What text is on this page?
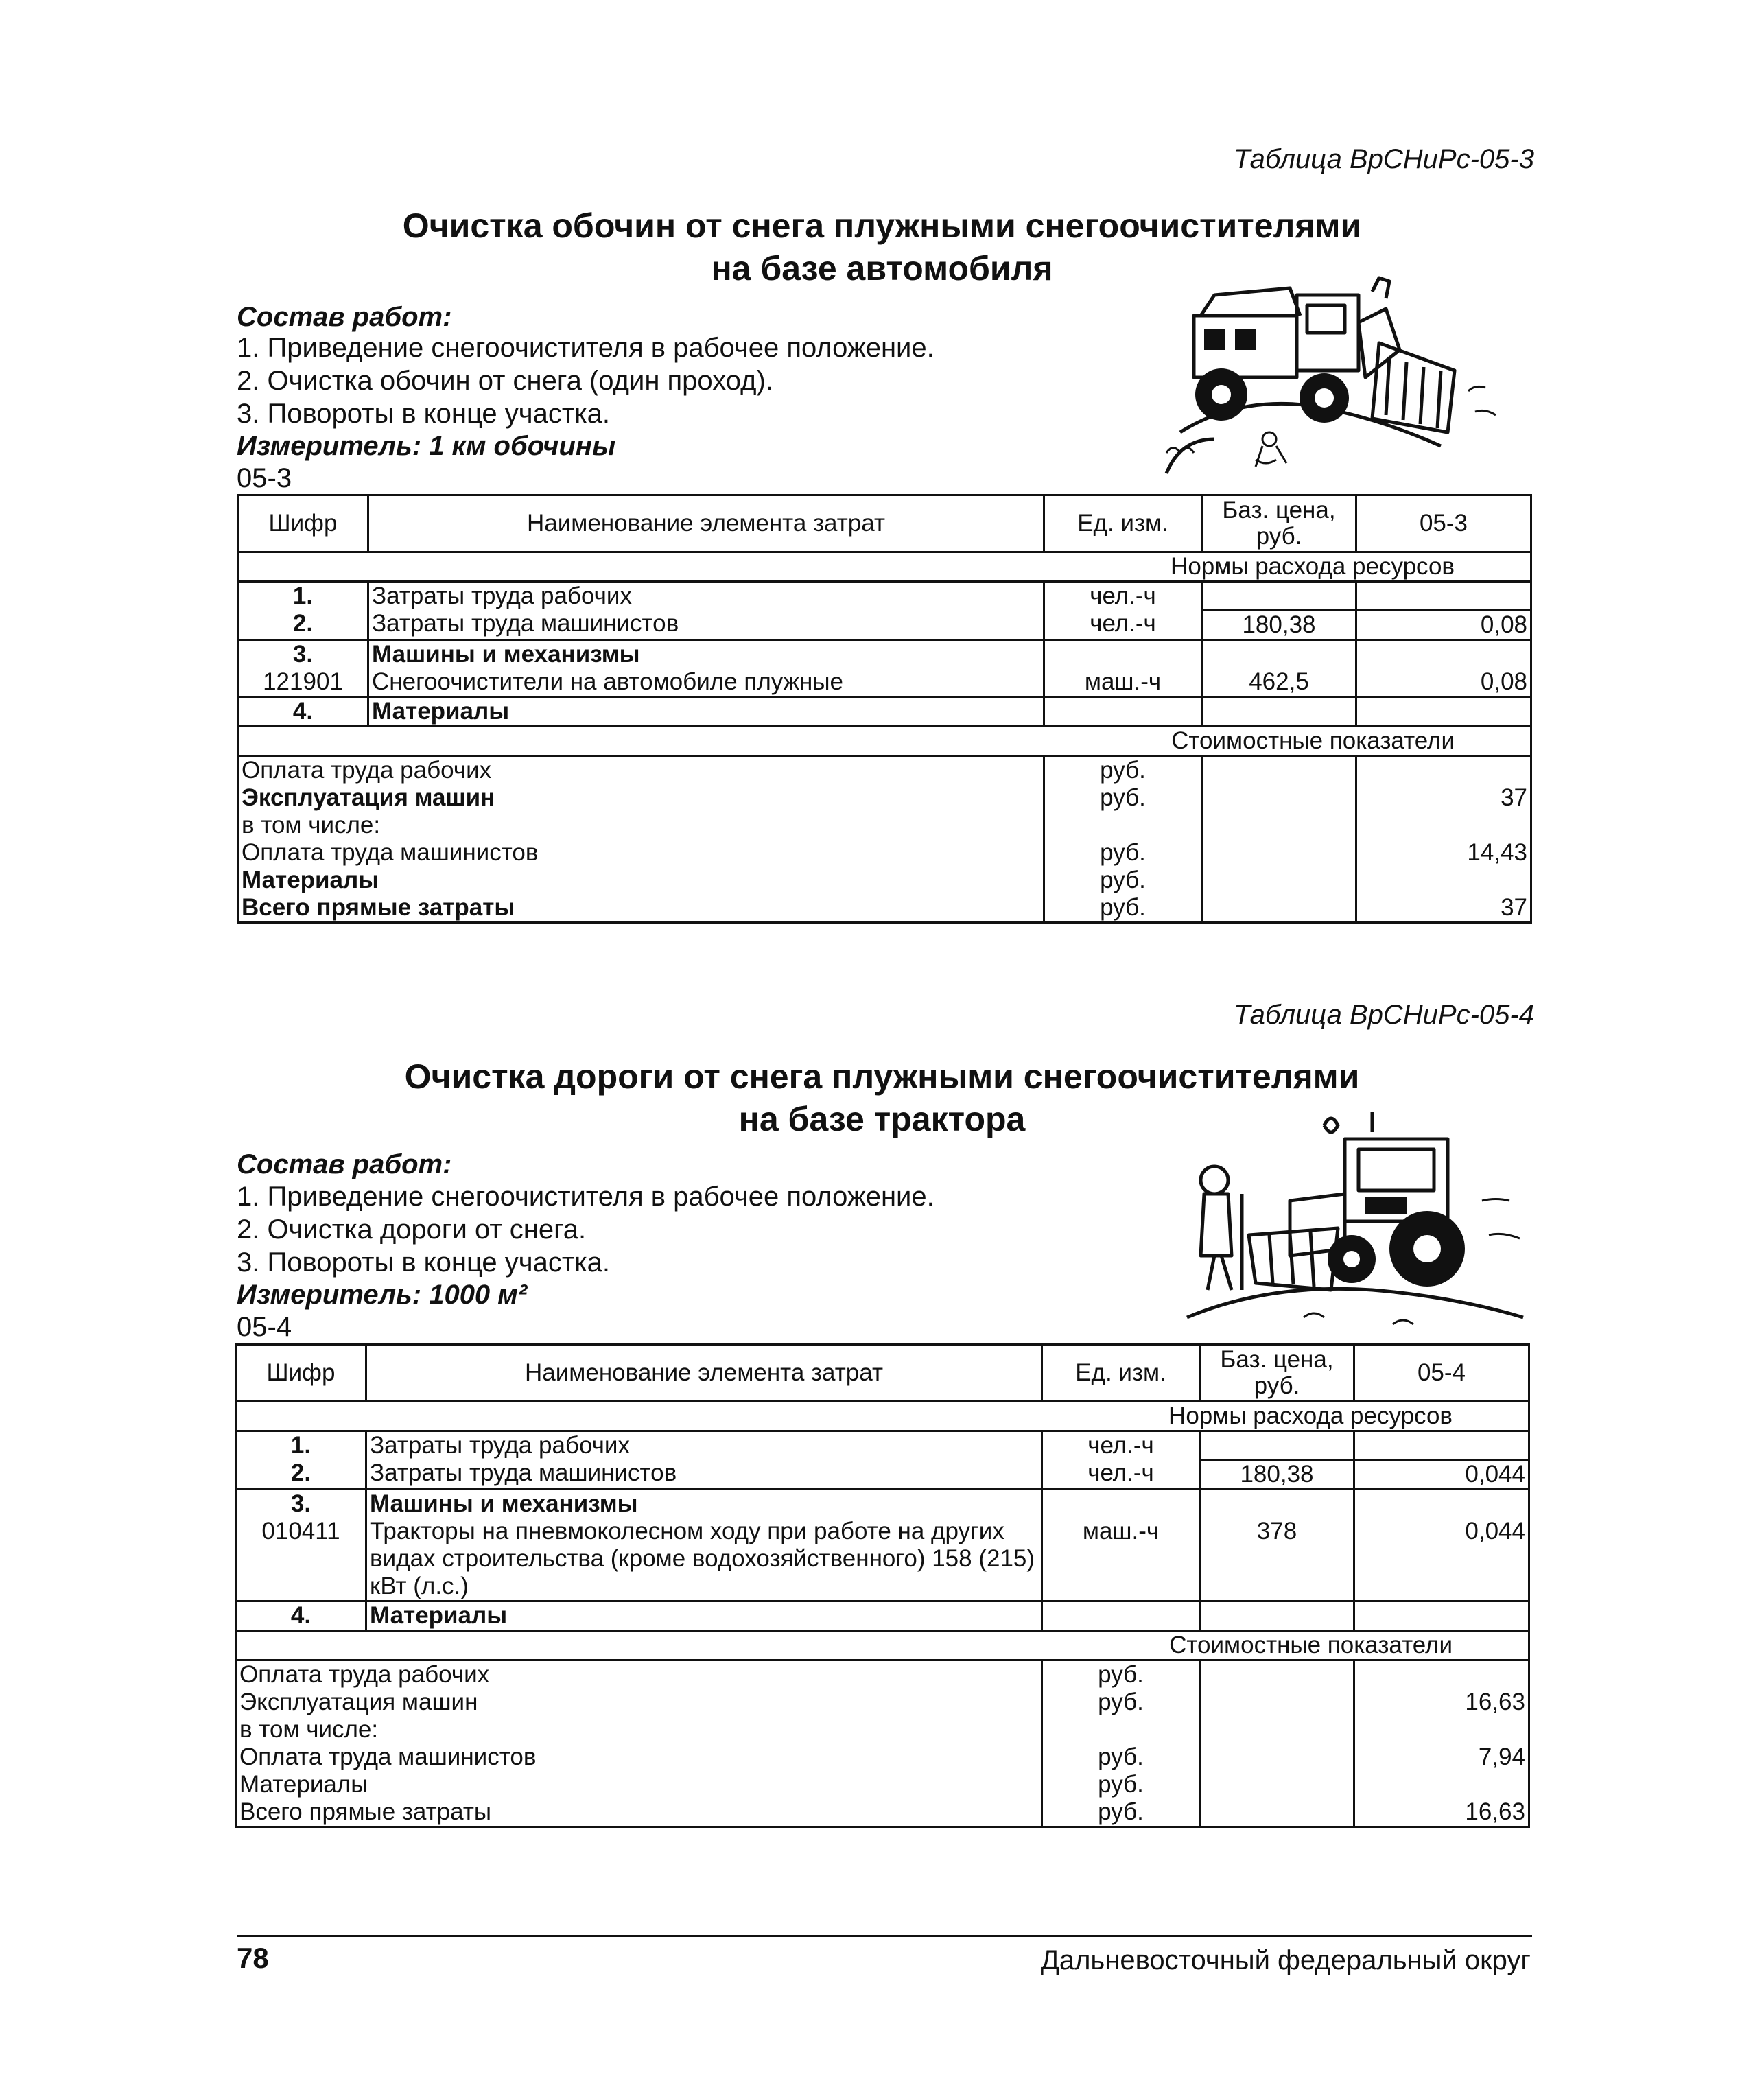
Таблица ВрСНиРс-05-3
Очистка обочин от снега плужными снегоочистителями
на базе автомобиля
Состав работ:
1. Приведение снегоочистителя в рабочее положение.
2. Очистка обочин от снега (один проход).
3. Повороты в конце участка.
Измеритель: 1 км обочины
05-3
Шифр	Наименование элемента затрат	Ед. изм.	Баз. цена, руб.	05-3
Нормы расхода ресурсов				
1.	Затраты труда рабочих	чел.-ч		
2.	Затраты труда машинистов	чел.-ч	180,38	0,08
3.	Машины и механизмы			
121901	Снегоочистители на автомобиле плужные	маш.-ч	462,5	0,08
4.	Материалы			
Стоимостные показатели				
Оплата труда рабочих		руб.		
Эксплуатация машин		руб.		37
в том числе:				
Оплата труда машинистов		руб.		14,43
Материалы		руб.		
Всего прямые затраты		руб.		37
Таблица ВрСНиРс-05-4
Очистка дороги от снега плужными снегоочистителями
на базе трактора
Состав работ:
1. Приведение снегоочистителя в рабочее положение.
2. Очистка дороги от снега.
3. Повороты в конце участка.
Измеритель: 1000 м²
05-4
Шифр	Наименование элемента затрат	Ед. изм.	Баз. цена, руб.	05-4
Нормы расхода ресурсов				
1.	Затраты труда рабочих	чел.-ч		
2.	Затраты труда машинистов	чел.-ч	180,38	0,044
3.	Машины и механизмы			
010411	Тракторы на пневмоколесном ходу при работе на других видах строительства (кроме водохозяйственного) 158 (215) кВт (л.с.)	маш.-ч	378	0,044
4.	Материалы			
Стоимостные показатели				
Оплата труда рабочих		руб.		
Эксплуатация машин		руб.		16,63
в том числе:				
Оплата труда машинистов		руб.		7,94
Материалы		руб.		
Всего прямые затраты		руб.		16,63
78	Дальневосточный федеральный округ
